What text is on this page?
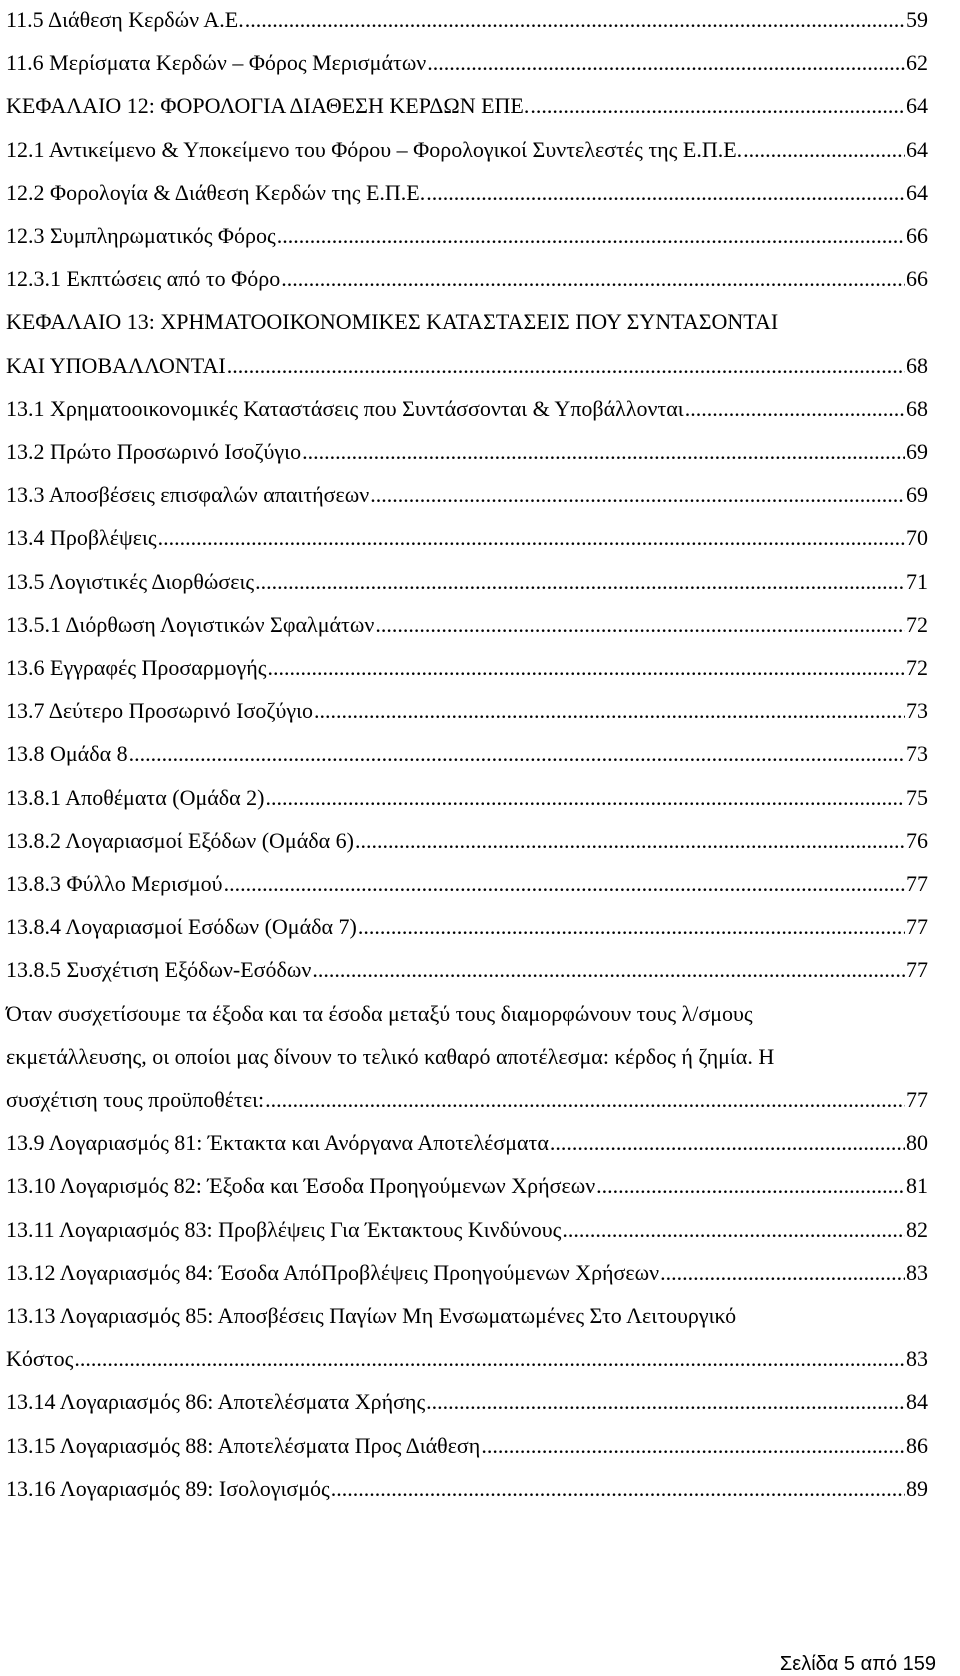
11.5 Διάθεση Κερδών Α.Ε. .....	59
11.6 Μερίσματα Κερδών – Φόρος Μερισμάτων .....	62
ΚΕΦΑΛΑΙΟ 12: ΦΟΡΟΛΟΓΙΑ ΔΙΑΘΕΣΗ ΚΕΡΔΩΝ ΕΠΕ. .....	64
12.1 Αντικείμενο & Υποκείμενο του Φόρου – Φορολογικοί Συντελεστές της Ε.Π.Ε. .....	64
12.2 Φορολογία & Διάθεση Κερδών της Ε.Π.Ε. .....	64
12.3 Συμπληρωματικός Φόρος .....	66
12.3.1 Εκπτώσεις από το Φόρο .....	66
ΚΕΦΑΛΑΙΟ 13: ΧΡΗΜΑΤΟΟΙΚΟΝΟΜΙΚΕΣ ΚΑΤΑΣΤΑΣΕΙΣ ΠΟΥ ΣΥΝΤΑΣΟΝΤΑΙ
ΚΑΙ ΥΠΟΒΑΛΛΟΝΤΑΙ .....	68
13.1 Χρηματοοικονομικές Καταστάσεις που Συντάσσονται & Υποβάλλονται .....	68
13.2 Πρώτο Προσωρινό Ισοζύγιο .....	69
13.3 Αποσβέσεις επισφαλών απαιτήσεων .....	69
13.4 Προβλέψεις .....	70
13.5 Λογιστικές Διορθώσεις .....	71
13.5.1 Διόρθωση Λογιστικών Σφαλμάτων .....	72
13.6 Εγγραφές Προσαρμογής .....	72
13.7 Δεύτερο Προσωρινό Ισοζύγιο .....	73
13.8 Ομάδα 8 .....	73
13.8.1 Αποθέματα (Ομάδα 2) .....	75
13.8.2 Λογαριασμοί Εξόδων (Ομάδα 6) .....	76
13.8.3 Φύλλο Μερισμού .....	77
13.8.4 Λογαριασμοί Εσόδων (Ομάδα 7) .....	77
13.8.5 Συσχέτιση Εξόδων-Εσόδων .....	77
Όταν συσχετίσουμε τα έξοδα και τα έσοδα μεταξύ τους διαμορφώνουν τους λ/σμους
εκμετάλλευσης, οι οποίοι μας δίνουν το τελικό καθαρό αποτέλεσμα: κέρδος ή ζημία. Η
συσχέτιση τους προϋποθέτει: .....	77
13.9 Λογαριασμός 81: Έκτακτα και Ανόργανα Αποτελέσματα .....	80
13.10 Λογαρισμός 82: Έξοδα και Έσοδα Προηγούμενων Χρήσεων .....	81
13.11 Λογαριασμός 83: Προβλέψεις Για Έκτακτους Κινδύνους .....	82
13.12 Λογαριασμός 84: Έσοδα ΑπόΠροβλέψεις Προηγούμενων Χρήσεων .....	83
13.13 Λογαριασμός 85: Αποσβέσεις Παγίων Μη Ενσωματωμένες Στο Λειτουργικό
Κόστος .....	83
13.14 Λογαριασμός 86: Αποτελέσματα Χρήσης .....	84
13.15 Λογαριασμός 88: Αποτελέσματα Προς Διάθεση .....	86
13.16 Λογαριασμός 89: Ισολογισμός .....	89
Σελίδα 5 από 159
